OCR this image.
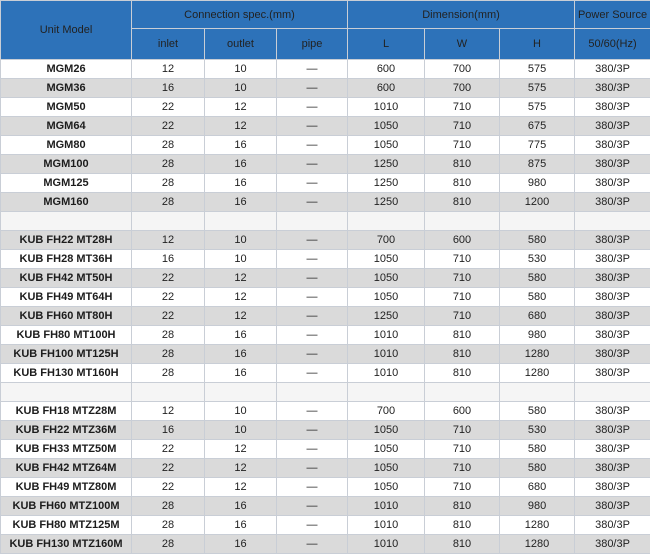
Unit Model	Connection spec.(mm)			Dimension(mm)			Power Source
	inlet	outlet	pipe	L	W	H	50/60(Hz)
MGM26	12	10	—	600	700	575	380/3P
MGM36	16	10	—	600	700	575	380/3P
MGM50	22	12	—	1010	710	575	380/3P
MGM64	22	12	—	1050	710	675	380/3P
MGM80	28	16	—	1050	710	775	380/3P
MGM100	28	16	—	1250	810	875	380/3P
MGM125	28	16	—	1250	810	980	380/3P
MGM160	28	16	—	1250	810	1200	380/3P

KUB FH22 MT28H	12	10	—	700	600	580	380/3P
KUB FH28 MT36H	16	10	—	1050	710	530	380/3P
KUB FH42 MT50H	22	12	—	1050	710	580	380/3P
KUB FH49 MT64H	22	12	—	1050	710	580	380/3P
KUB FH60 MT80H	22	12	—	1250	710	680	380/3P
KUB FH80 MT100H	28	16	—	1010	810	980	380/3P
KUB FH100 MT125H	28	16	—	1010	810	1280	380/3P
KUB FH130 MT160H	28	16	—	1010	810	1280	380/3P

KUB FH18 MTZ28M	12	10	—	700	600	580	380/3P
KUB FH22 MTZ36M	16	10	—	1050	710	530	380/3P
KUB FH33 MTZ50M	22	12	—	1050	710	580	380/3P
KUB FH42 MTZ64M	22	12	—	1050	710	580	380/3P
KUB FH49 MTZ80M	22	12	—	1050	710	680	380/3P
KUB FH60 MTZ100M	28	16	—	1010	810	980	380/3P
KUB FH80 MTZ125M	28	16	—	1010	810	1280	380/3P
KUB FH130 MTZ160M	28	16	—	1010	810	1280	380/3P
